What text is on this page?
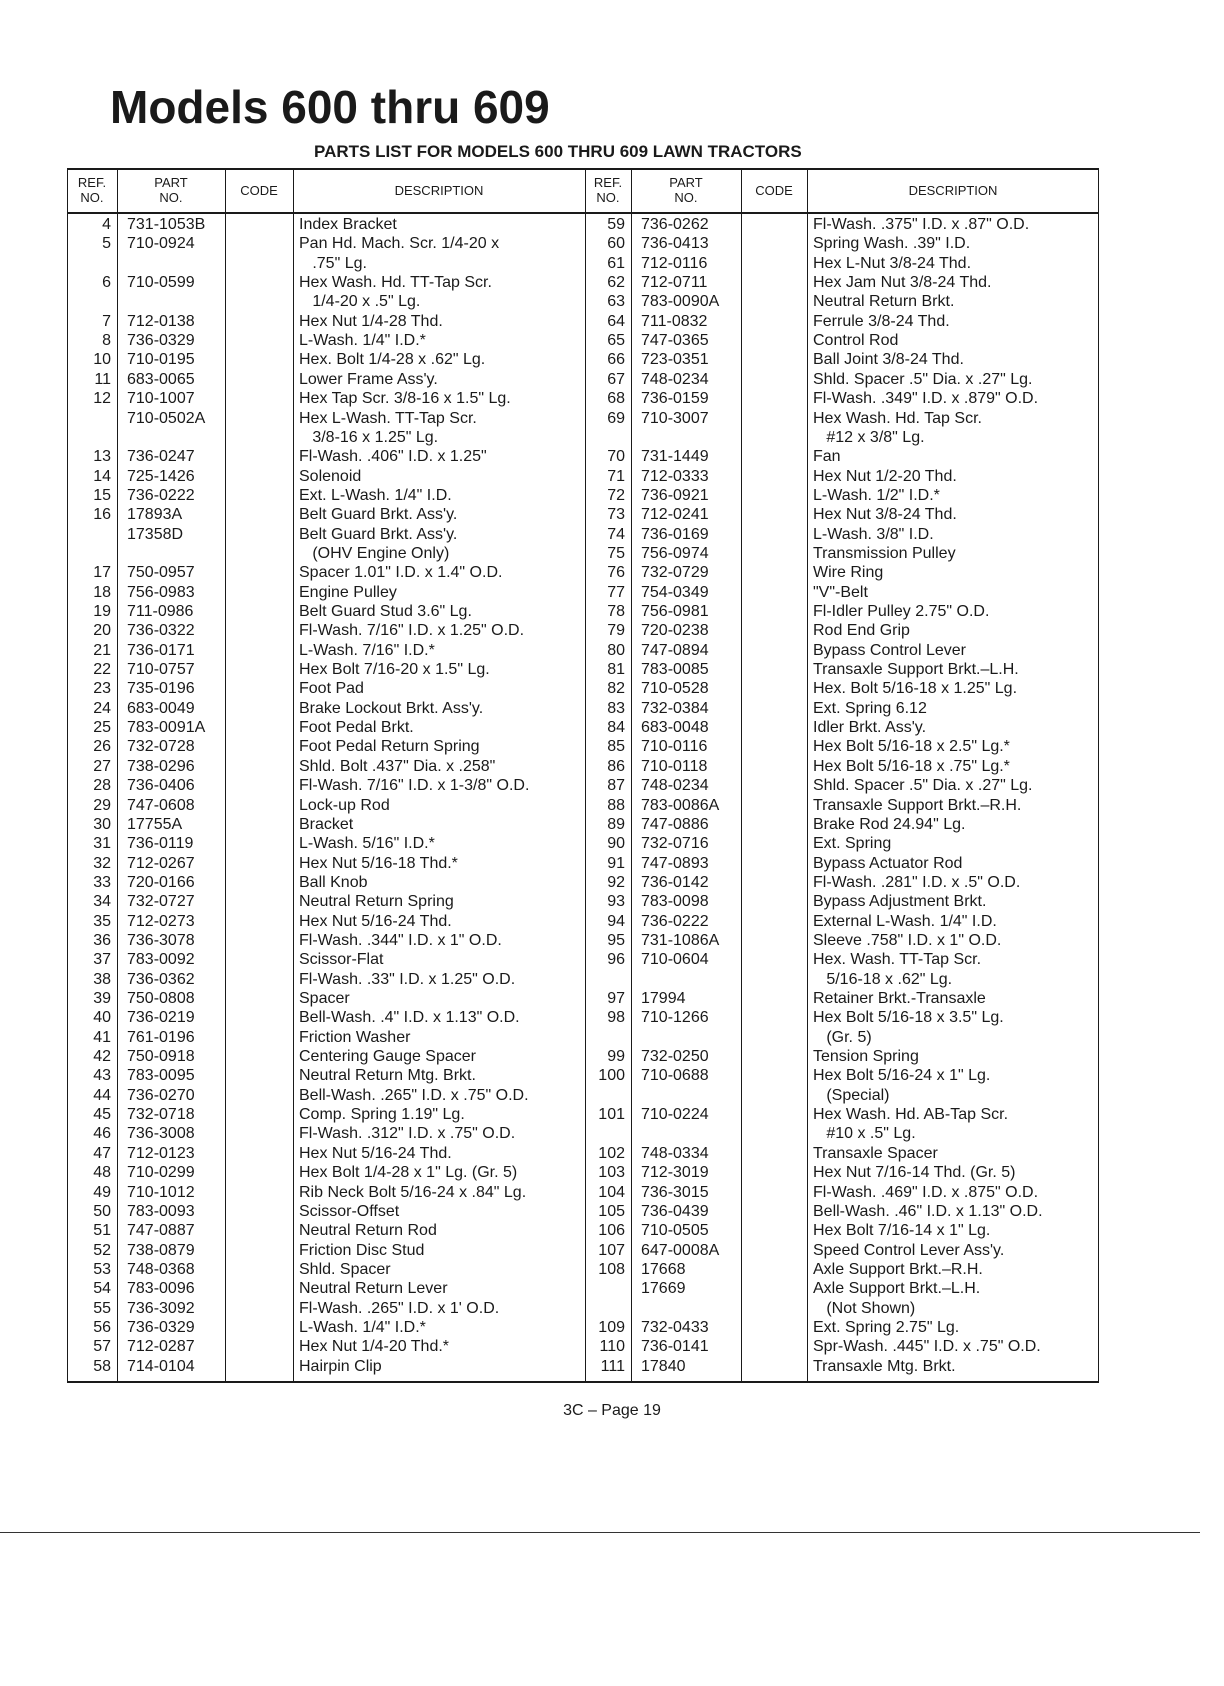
Models 600 thru 609
PARTS LIST FOR MODELS 600 THRU 609 LAWN TRACTORS
REF.
NO.
PART
NO.	CODE	DESCRIPTION	REF.
NO.
PART
NO.	CODE	DESCRIPTION
4 731-1053B	Index Bracket
5 710-0924	Pan Hd. Mach. Scr. 1/4-20 x
.75" Lg.
6 710-0599	Hex Wash. Hd. TT-Tap Scr.
1/4-20 x .5" Lg.
7 712-0138	Hex Nut 1/4-28 Thd.
8 736-0329	L-Wash. 1/4" I.D.*
10 710-0195	Hex. Bolt 1/4-28 x .62" Lg.
11 683-0065	Lower Frame Ass'y.
12 710-1007	Hex Tap Scr. 3/8-16 x 1.5" Lg.
710-0502A	Hex L-Wash. TT-Tap Scr.
3/8-16 x 1.25" Lg.
13 736-0247	Fl-Wash. .406" I.D. x 1.25"
14 725-1426	Solenoid
15 736-0222	Ext. L-Wash. 1/4" I.D.
16 17893A	Belt Guard Brkt. Ass'y.
17358D	Belt Guard Brkt. Ass'y.
(OHV Engine Only)
17 750-0957	Spacer 1.01" I.D. x 1.4" O.D.
18 756-0983	Engine Pulley
19 711-0986	Belt Guard Stud 3.6" Lg.
20 736-0322	Fl-Wash. 7/16" I.D. x 1.25" O.D.
21 736-0171	L-Wash. 7/16" I.D.*
22 710-0757	Hex Bolt 7/16-20 x 1.5" Lg.
23 735-0196	Foot Pad
24 683-0049	Brake Lockout Brkt. Ass'y.
25 783-0091A	Foot Pedal Brkt.
26 732-0728	Foot Pedal Return Spring
27 738-0296	Shld. Bolt .437" Dia. x .258"
28 736-0406	Fl-Wash. 7/16" I.D. x 1-3/8" O.D.
29 747-0608	Lock-up Rod
30 17755A	Bracket
31 736-0119	L-Wash. 5/16" I.D.*
32 712-0267	Hex Nut 5/16-18 Thd.*
33 720-0166	Ball Knob
34 732-0727	Neutral Return Spring
35 712-0273	Hex Nut 5/16-24 Thd.
36 736-3078	Fl-Wash. .344" I.D. x 1" O.D.
37 783-0092	Scissor-Flat
38 736-0362	Fl-Wash. .33" I.D. x 1.25" O.D.
39 750-0808	Spacer
40 736-0219	Bell-Wash. .4" I.D. x 1.13" O.D.
41 761-0196	Friction Washer
42 750-0918	Centering Gauge Spacer
43 783-0095	Neutral Return Mtg. Brkt.
44 736-0270	Bell-Wash. .265" I.D. x .75" O.D.
45 732-0718	Comp. Spring 1.19" Lg.
46 736-3008	Fl-Wash. .312" I.D. x .75" O.D.
47 712-0123	Hex Nut 5/16-24 Thd.
48 710-0299	Hex Bolt 1/4-28 x 1" Lg. (Gr. 5)
49 710-1012	Rib Neck Bolt 5/16-24 x .84" Lg.
50 783-0093	Scissor-Offset
51 747-0887	Neutral Return Rod
52 738-0879	Friction Disc Stud
53 748-0368	Shld. Spacer
54 783-0096	Neutral Return Lever
55 736-3092	Fl-Wash. .265" I.D. x 1' O.D.
56 736-0329	L-Wash. 1/4" I.D.*
57 712-0287	Hex Nut 1/4-20 Thd.*
58 714-0104	Hairpin Clip
59 736-0262	Fl-Wash. .375" I.D. x .87" O.D.
60 736-0413	Spring Wash. .39" I.D.
61 712-0116	Hex L-Nut 3/8-24 Thd.
62 712-0711	Hex Jam Nut 3/8-24 Thd.
63 783-0090A	Neutral Return Brkt.
64 711-0832	Ferrule 3/8-24 Thd.
65 747-0365	Control Rod
66 723-0351	Ball Joint 3/8-24 Thd.
67 748-0234	Shld. Spacer .5" Dia. x .27" Lg.
68 736-0159	Fl-Wash. .349" I.D. x .879" O.D.
69 710-3007	Hex Wash. Hd. Tap Scr.
#12 x 3/8" Lg.
70 731-1449	Fan
71 712-0333	Hex Nut 1/2-20 Thd.
72 736-0921	L-Wash. 1/2" I.D.*
73 712-0241	Hex Nut 3/8-24 Thd.
74 736-0169	L-Wash. 3/8" I.D.
75 756-0974	Transmission Pulley
76 732-0729	Wire Ring
77 754-0349	"V"-Belt
78 756-0981	Fl-Idler Pulley 2.75" O.D.
79 720-0238	Rod End Grip
80 747-0894	Bypass Control Lever
81 783-0085	Transaxle Support Brkt.–L.H.
82 710-0528	Hex. Bolt 5/16-18 x 1.25" Lg.
83 732-0384	Ext. Spring 6.12
84 683-0048	Idler Brkt. Ass'y.
85 710-0116	Hex Bolt 5/16-18 x 2.5" Lg.*
86 710-0118	Hex Bolt 5/16-18 x .75" Lg.*
87 748-0234	Shld. Spacer .5" Dia. x .27" Lg.
88 783-0086A	Transaxle Support Brkt.–R.H.
89 747-0886	Brake Rod 24.94" Lg.
90 732-0716	Ext. Spring
91 747-0893	Bypass Actuator Rod
92 736-0142	Fl-Wash. .281" I.D. x .5" O.D.
93 783-0098	Bypass Adjustment Brkt.
94 736-0222	External L-Wash. 1/4" I.D.
95 731-1086A	Sleeve .758" I.D. x 1" O.D.
96 710-0604	Hex. Wash. TT-Tap Scr.
5/16-18 x .62" Lg.
97 17994	Retainer Brkt.-Transaxle
98 710-1266	Hex Bolt 5/16-18 x 3.5" Lg.
(Gr. 5)
99 732-0250	Tension Spring
100 710-0688	Hex Bolt 5/16-24 x 1" Lg.
(Special)
101 710-0224	Hex Wash. Hd. AB-Tap Scr.
#10 x .5" Lg.
102 748-0334	Transaxle Spacer
103 712-3019	Hex Nut 7/16-14 Thd. (Gr. 5)
104 736-3015	Fl-Wash. .469" I.D. x .875" O.D.
105 736-0439	Bell-Wash. .46" I.D. x 1.13" O.D.
106 710-0505	Hex Bolt 7/16-14 x 1" Lg.
107 647-0008A	Speed Control Lever Ass'y.
108 17668	Axle Support Brkt.–R.H.
17669	Axle Support Brkt.–L.H.
(Not Shown)
109 732-0433	Ext. Spring 2.75" Lg.
110 736-0141	Spr-Wash. .445" I.D. x .75" O.D.
111 17840	Transaxle Mtg. Brkt.
3C – Page 19
